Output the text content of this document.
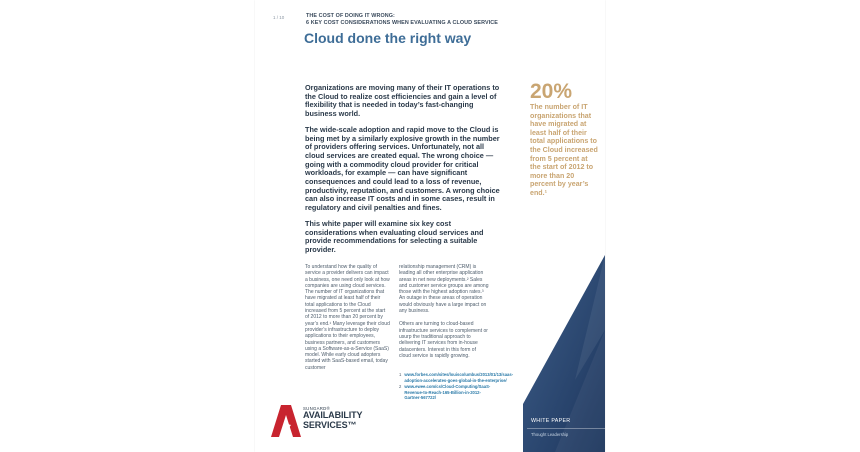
1 / 10	THE COST OF DOING IT WRONG:
6 KEY COST CONSIDERATIONS WHEN EVALUATING A CLOUD SERVICE
Cloud done the right way

Organizations are moving many of their IT operations to the Cloud to realize cost efficiencies and gain a level of flexibility that is needed in today’s fast-changing business world.

The wide-scale adoption and rapid move to the Cloud is being met by a similarly explosive growth in the number of providers offering services. Unfortunately, not all cloud services are created equal. The wrong choice — going with a commodity cloud provider for critical workloads, for example — can have significant consequences and could lead to a loss of revenue, productivity, reputation, and customers. A wrong choice can also increase IT costs and in some cases, result in regulatory and civil penalties and fines.

This white paper will examine six key cost considerations when evaluating cloud services and provide recommendations for selecting a suitable provider.

20%
The number of IT organizations that have migrated at least half of their total applications to the Cloud increased from 5 percent at the start of 2012 to more than 20 percent by year’s end.¹

To understand how the quality of service a provider delivers can impact a business, one need only look at how companies are using cloud services. The number of IT organizations that have migrated at least half of their total applications to the Cloud increased from 5 percent at the start of 2012 to more than 20 percent by year’s end.¹ Many leverage their cloud provider’s infrastructure to deploy applications to their employees, business partners, and customers using a Software-as-a-Service (SaaS) model. While early cloud adopters started with SaaS-based email, today customer

relationship management (CRM) is leading all other enterprise application areas in net new deployments.² Sales and customer service groups are among those with the highest adoption rates.³ An outage in these areas of operation would obviously have a large impact on any business.

Others are turning to cloud-based infrastructure services to complement or usurp the traditional approach to delivering IT services from in-house datacenters. Interest in this form of cloud service is rapidly growing.

1 www.forbes.com/sites/louiscolumbus/2013/01/13/saas-adoption-accelerates-goes-global-in-the-enterprise/
2 www.ewee.com/cs/Cloud-Computing/SaaS-Revenue-to-Reach-165-Billion-in-2012-Gartner-567722/
WHITE PAPER
Thought Leadership
SUNGARD®
AVAILABILITY
SERVICES™
